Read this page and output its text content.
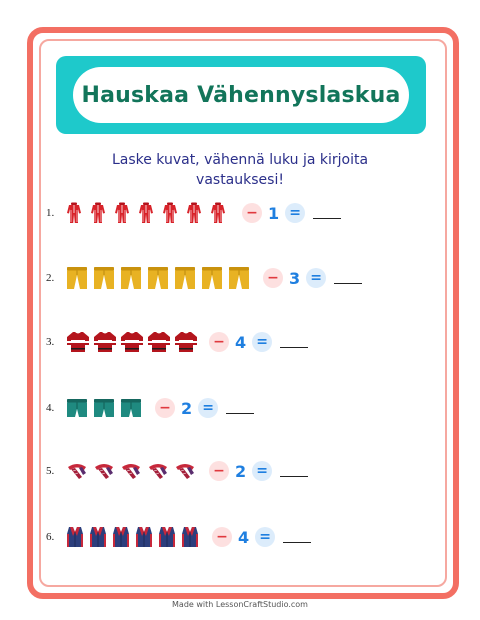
Hauskaa Vähennyslaskua
Laske kuvat, vähennä luku ja kirjoita vastauksesi!
1.	− 1 =
2.	− 3 =
3.	− 4 =
4.	− 2 =
5.	− 2 =
6.	− 4 =
Made with LessonCraftStudio.com
